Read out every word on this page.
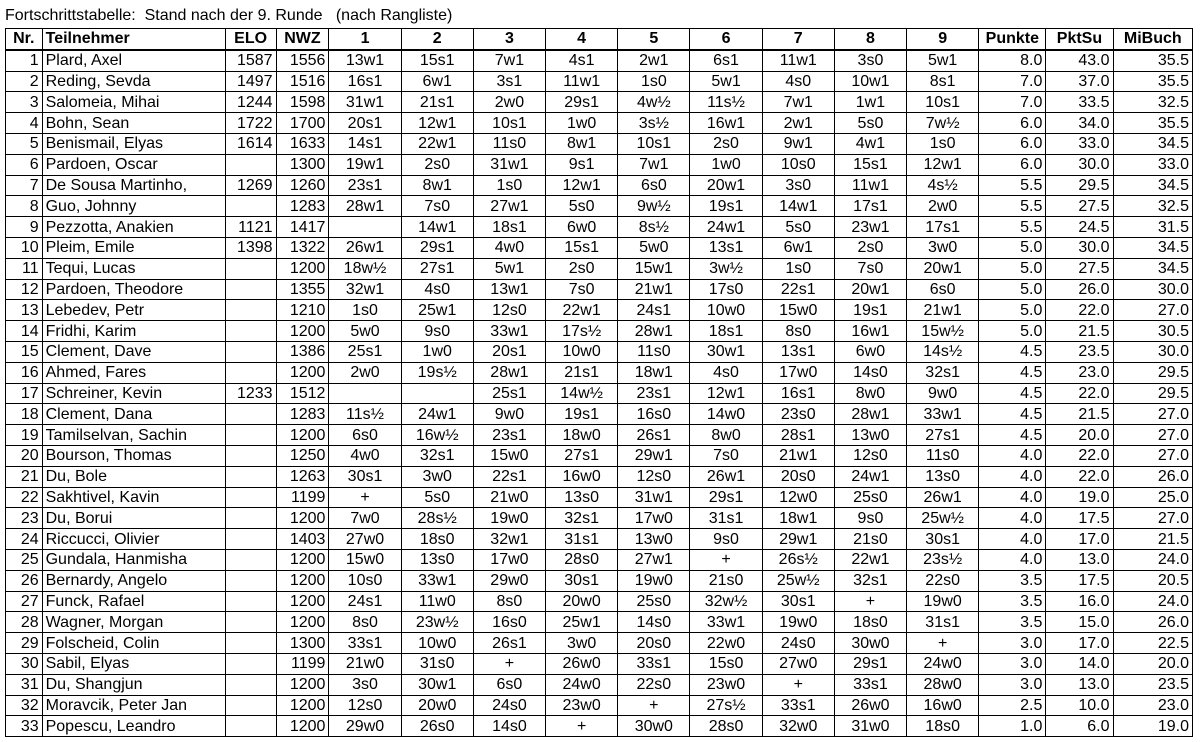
Fortschrittstabelle:  Stand nach der 9. Runde   (nach Rangliste)
Nr.	Teilnehmer	ELO	NWZ	1	2	3	4	5	6	7	8	9	Punkte	PktSu	MiBuch
1	Plard, Axel	1587	1556	13w1	15s1	7w1	4s1	2w1	6s1	11w1	3s0	5w1	8.0	43.0	35.5
2	Reding, Sevda	1497	1516	16s1	6w1	3s1	11w1	1s0	5w1	4s0	10w1	8s1	7.0	37.0	35.5
3	Salomeia, Mihai	1244	1598	31w1	21s1	2w0	29s1	4w½	11s½	7w1	1w1	10s1	7.0	33.5	32.5
4	Bohn, Sean	1722	1700	20s1	12w1	10s1	1w0	3s½	16w1	2w1	5s0	7w½	6.0	34.0	35.5
5	Benismail, Elyas	1614	1633	14s1	22w1	11s0	8w1	10s1	2s0	9w1	4w1	1s0	6.0	33.0	34.5
6	Pardoen, Oscar		1300	19w1	2s0	31w1	9s1	7w1	1w0	10s0	15s1	12w1	6.0	30.0	33.0
7	De Sousa Martinho,	1269	1260	23s1	8w1	1s0	12w1	6s0	20w1	3s0	11w1	4s½	5.5	29.5	34.5
8	Guo, Johnny		1283	28w1	7s0	27w1	5s0	9w½	19s1	14w1	17s1	2w0	5.5	27.5	32.5
9	Pezzotta, Anakien	1121	1417		14w1	18s1	6w0	8s½	24w1	5s0	23w1	17s1	5.5	24.5	31.5
10	Pleim, Emile	1398	1322	26w1	29s1	4w0	15s1	5w0	13s1	6w1	2s0	3w0	5.0	30.0	34.5
11	Tequi, Lucas		1200	18w½	27s1	5w1	2s0	15w1	3w½	1s0	7s0	20w1	5.0	27.5	34.5
12	Pardoen, Theodore		1355	32w1	4s0	13w1	7s0	21w1	17s0	22s1	20w1	6s0	5.0	26.0	30.0
13	Lebedev, Petr		1210	1s0	25w1	12s0	22w1	24s1	10w0	15w0	19s1	21w1	5.0	22.0	27.0
14	Fridhi, Karim		1200	5w0	9s0	33w1	17s½	28w1	18s1	8s0	16w1	15w½	5.0	21.5	30.5
15	Clement, Dave		1386	25s1	1w0	20s1	10w0	11s0	30w1	13s1	6w0	14s½	4.5	23.5	30.0
16	Ahmed, Fares		1200	2w0	19s½	28w1	21s1	18w1	4s0	17w0	14s0	32s1	4.5	23.0	29.5
17	Schreiner, Kevin	1233	1512			25s1	14w½	23s1	12w1	16s1	8w0	9w0	4.5	22.0	29.5
18	Clement, Dana		1283	11s½	24w1	9w0	19s1	16s0	14w0	23s0	28w1	33w1	4.5	21.5	27.0
19	Tamilselvan, Sachin		1200	6s0	16w½	23s1	18w0	26s1	8w0	28s1	13w0	27s1	4.5	20.0	27.0
20	Bourson, Thomas		1250	4w0	32s1	15w0	27s1	29w1	7s0	21w1	12s0	11s0	4.0	22.0	27.0
21	Du, Bole		1263	30s1	3w0	22s1	16w0	12s0	26w1	20s0	24w1	13s0	4.0	22.0	26.0
22	Sakhtivel, Kavin		1199	+	5s0	21w0	13s0	31w1	29s1	12w0	25s0	26w1	4.0	19.0	25.0
23	Du, Borui		1200	7w0	28s½	19w0	32s1	17w0	31s1	18w1	9s0	25w½	4.0	17.5	27.0
24	Riccucci, Olivier		1403	27w0	18s0	32w1	31s1	13w0	9s0	29w1	21s0	30s1	4.0	17.0	21.5
25	Gundala, Hanmisha		1200	15w0	13s0	17w0	28s0	27w1	+	26s½	22w1	23s½	4.0	13.0	24.0
26	Bernardy, Angelo		1200	10s0	33w1	29w0	30s1	19w0	21s0	25w½	32s1	22s0	3.5	17.5	20.5
27	Funck, Rafael		1200	24s1	11w0	8s0	20w0	25s0	32w½	30s1	+	19w0	3.5	16.0	24.0
28	Wagner, Morgan		1200	8s0	23w½	16s0	25w1	14s0	33w1	19w0	18s0	31s1	3.5	15.0	26.0
29	Folscheid, Colin		1300	33s1	10w0	26s1	3w0	20s0	22w0	24s0	30w0	+	3.0	17.0	22.5
30	Sabil, Elyas		1199	21w0	31s0	+	26w0	33s1	15s0	27w0	29s1	24w0	3.0	14.0	20.0
31	Du, Shangjun		1200	3s0	30w1	6s0	24w0	22s0	23w0	+	33s1	28w0	3.0	13.0	23.5
32	Moravcik, Peter Jan		1200	12s0	20w0	24s0	23w0	+	27s½	33s1	26w0	16w0	2.5	10.0	23.0
33	Popescu, Leandro		1200	29w0	26s0	14s0	+	30w0	28s0	32w0	31w0	18s0	1.0	6.0	19.0
